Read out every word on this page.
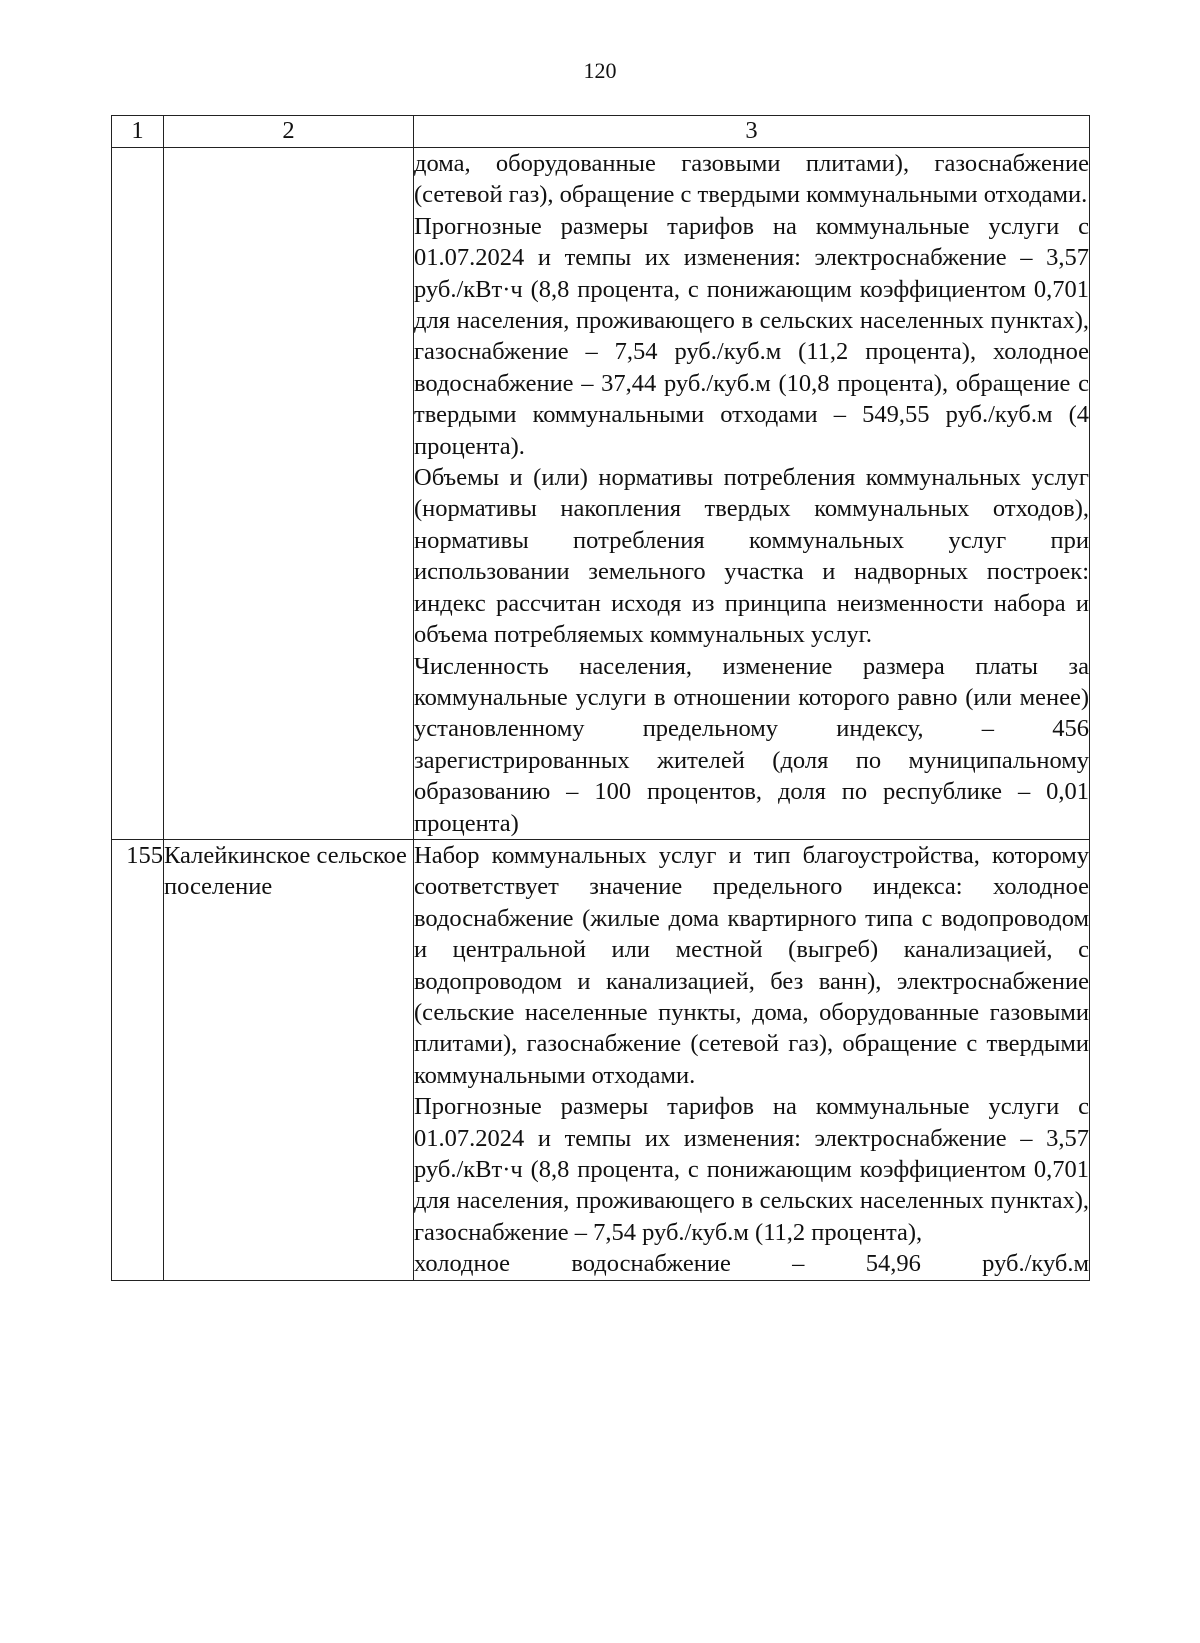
120
1	2	3

		дома, оборудованные газовыми плитами), газоснабжение (сетевой газ), обращение с твердыми коммунальными отходами.

Прогнозные размеры тарифов на коммунальные услуги с 01.07.2024 и темпы их изменения: электроснабжение – 3,57 руб./кВт·ч (8,8 процента, с понижающим коэффициентом 0,701 для населения, проживающего в сельских населенных пунктах), газоснабжение – 7,54 руб./куб.м (11,2 процента), холодное водоснабжение – 37,44 руб./куб.м (10,8 процента), обращение с твердыми коммунальными отходами – 549,55 руб./куб.м (4 процента).

Объемы и (или) нормативы потребления коммунальных услуг (нормативы накопления твердых коммунальных отходов), нормативы потребления коммунальных услуг при использовании земельного участка и надворных построек: индекс рассчитан исходя из принципа неизменности набора и объема потребляемых коммунальных услуг.

Численность населения, изменение размера платы за коммунальные услуги в отношении которого равно (или менее) установленному предельному индексу, – 456 зарегистрированных жителей (доля по муниципальному образованию – 100 процентов, доля по республике – 0,01 процента)

155	Калейкинское сельское поселение	Набор коммунальных услуг и тип благоустройства, которому соответствует значение предельного индекса: холодное водоснабжение (жилые дома квартирного типа с водопроводом и центральной или местной (выгреб) канализацией, с водопроводом и канализацией, без ванн), электроснабжение (сельские населенные пункты, дома, оборудованные газовыми плитами), газоснабжение (сетевой газ), обращение с твердыми коммунальными отходами.

Прогнозные размеры тарифов на коммунальные услуги с 01.07.2024 и темпы их изменения: электроснабжение – 3,57 руб./кВт·ч (8,8 процента, с понижающим коэффициентом 0,701 для населения, проживающего в сельских населенных пунктах), газоснабжение – 7,54 руб./куб.м (11,2 процента),

холодное водоснабжение – 54,96 руб./куб.м
